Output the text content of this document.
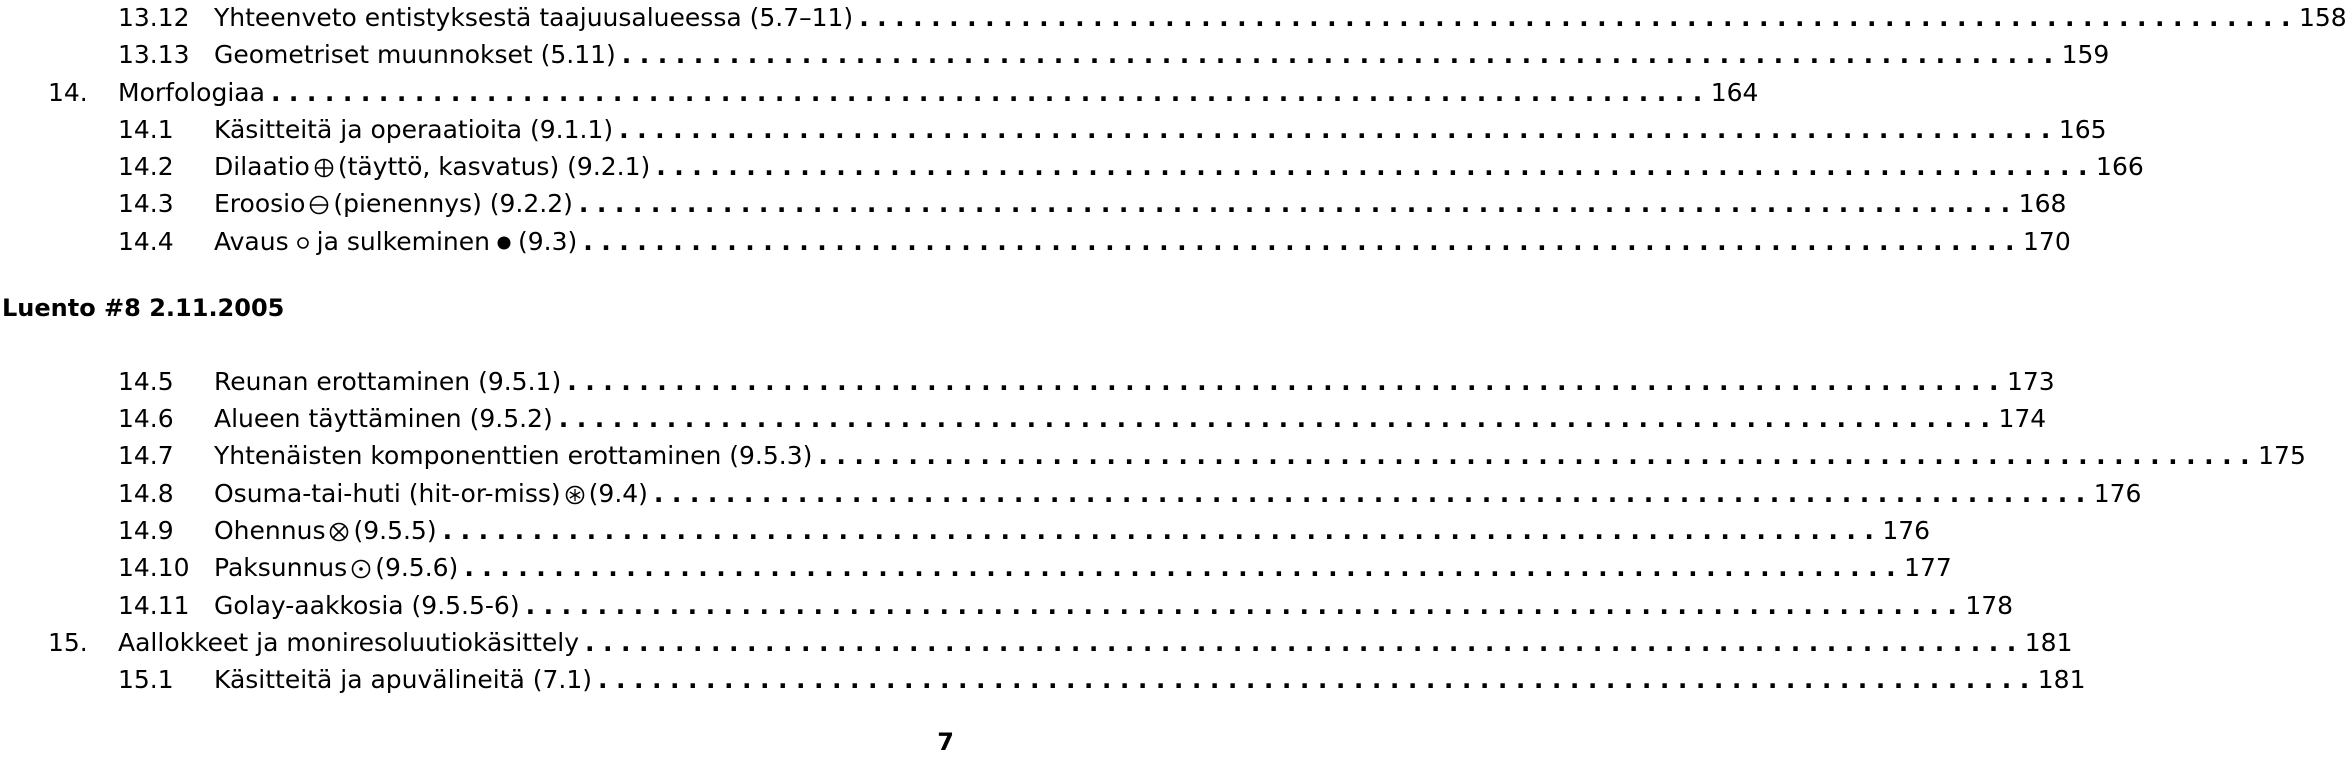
13.12 Yhteenveto entistyksestä taajuusalueessa (5.7–11) ................................................................................ 158
13.13 Geometriset muunnokset (5.11) ................................................................................ 159
14. Morfologiaa ................................................................................ 164
14.1 Käsitteitä ja operaatioita (9.1.1) ................................................................................ 165
14.2 Dilaatio (täyttö, kasvatus) (9.2.1) ................................................................................ 166
14.3 Eroosio (pienennys) (9.2.2) ................................................................................ 168
14.4 Avaus ja sulkeminen (9.3) ................................................................................ 170
Luento #8 2.11.2005
14.5 Reunan erottaminen (9.5.1) ................................................................................ 173
14.6 Alueen täyttäminen (9.5.2) ................................................................................ 174
14.7 Yhtenäisten komponenttien erottaminen (9.5.3) ................................................................................ 175
14.8 Osuma-tai-huti (hit-or-miss) (9.4) ................................................................................ 176
14.9 Ohennus (9.5.5) ................................................................................ 176
14.10 Paksunnus (9.5.6) ................................................................................ 177
14.11 Golay-aakkosia (9.5.5-6) ................................................................................ 178
15. Aallokkeet ja moniresoluutiokäsittely ................................................................................ 181
15.1 Käsitteitä ja apuvälineitä (7.1) ................................................................................ 181
7
